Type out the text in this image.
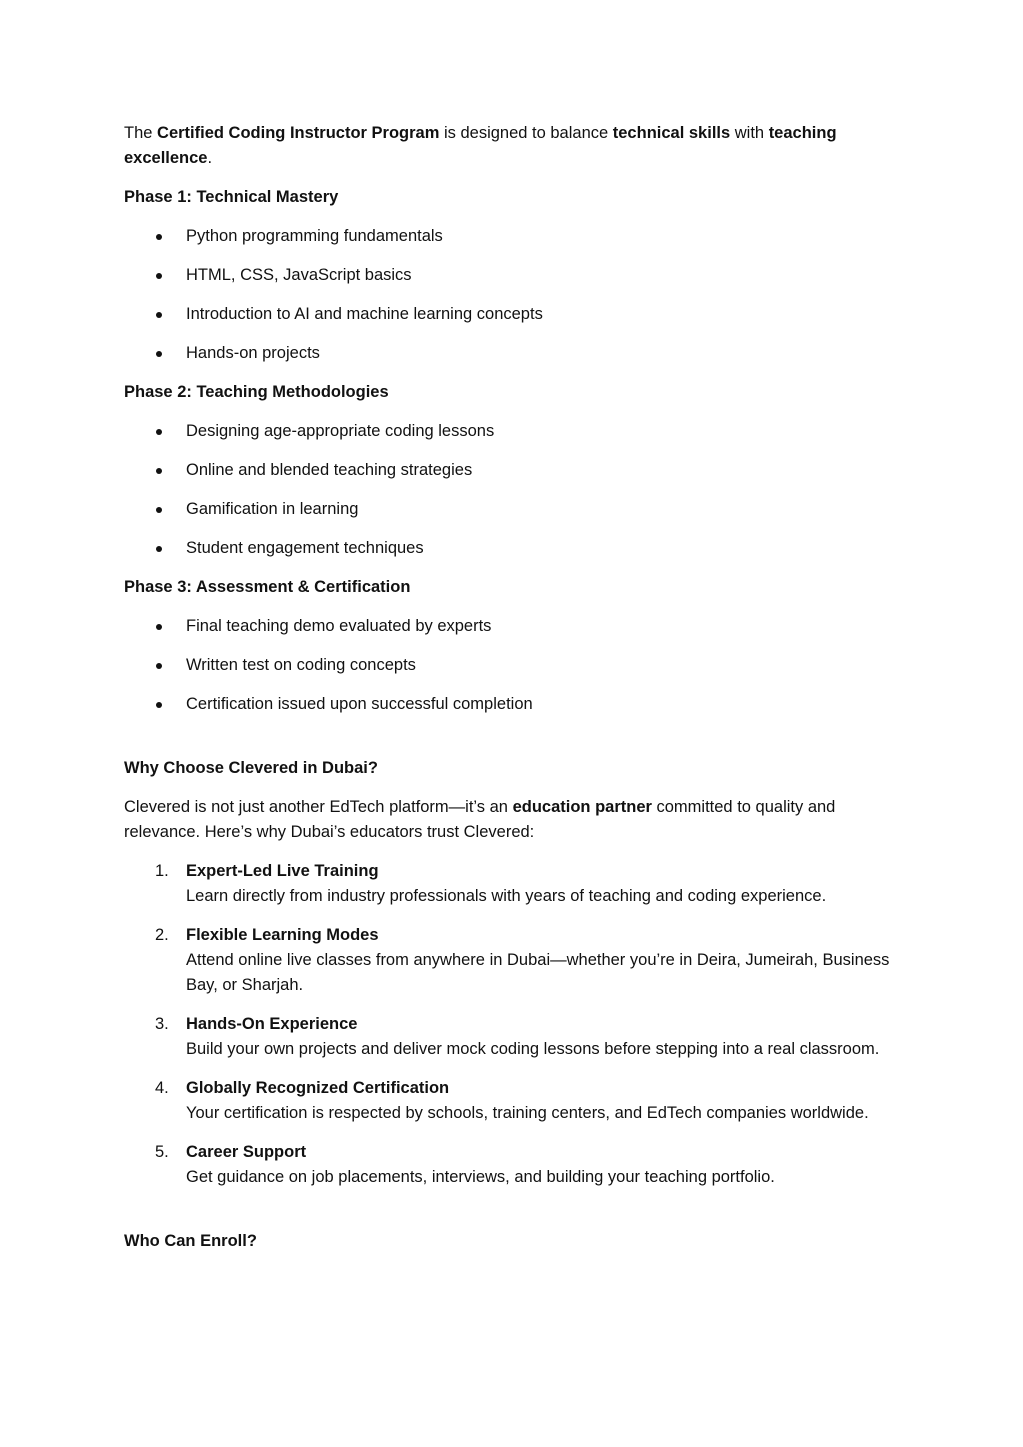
The Certified Coding Instructor Program is designed to balance technical skills with teaching excellence.

Phase 1: Technical Mastery

Python programming fundamentals
HTML, CSS, JavaScript basics
Introduction to AI and machine learning concepts
Hands-on projects

Phase 2: Teaching Methodologies

Designing age-appropriate coding lessons
Online and blended teaching strategies
Gamification in learning
Student engagement techniques

Phase 3: Assessment & Certification

Final teaching demo evaluated by experts
Written test on coding concepts
Certification issued upon successful completion

Why Choose Clevered in Dubai?

Clevered is not just another EdTech platform—it’s an education partner committed to quality and relevance. Here’s why Dubai’s educators trust Clevered:

1. Expert-Led Live Training
Learn directly from industry professionals with years of teaching and coding experience.
2. Flexible Learning Modes
Attend online live classes from anywhere in Dubai—whether you’re in Deira, Jumeirah, Business Bay, or Sharjah.
3. Hands-On Experience
Build your own projects and deliver mock coding lessons before stepping into a real classroom.
4. Globally Recognized Certification
Your certification is respected by schools, training centers, and EdTech companies worldwide.
5. Career Support
Get guidance on job placements, interviews, and building your teaching portfolio.

Who Can Enroll?
